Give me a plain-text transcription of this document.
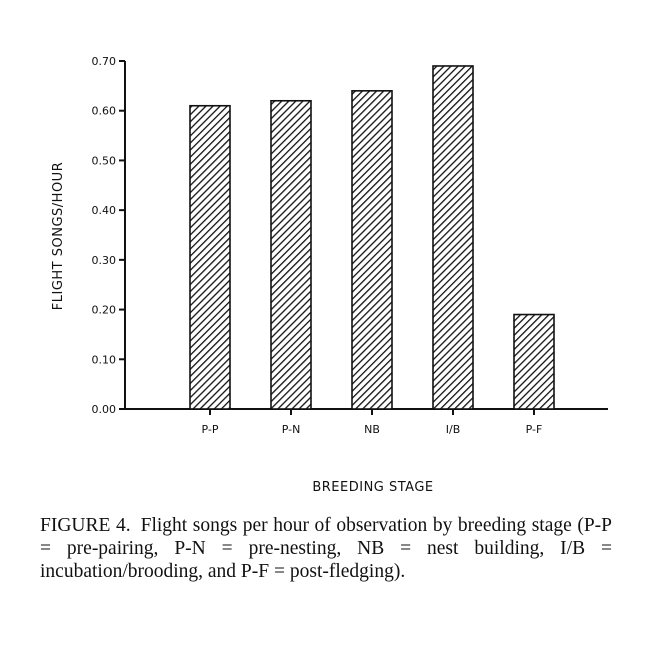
0.00
0.10
0.20
0.30
0.40
0.50
0.60
0.70
P-P	P-N	NB	I/B	P-F
FLIGHT SONGS/HOUR
BREEDING STAGE

FIGURE 4. Flight songs per hour of observation by breeding stage (P-P = pre-pairing, P-N = pre-nesting, NB = nest building, I/B = incubation/brooding, and P-F = post-fledging).
